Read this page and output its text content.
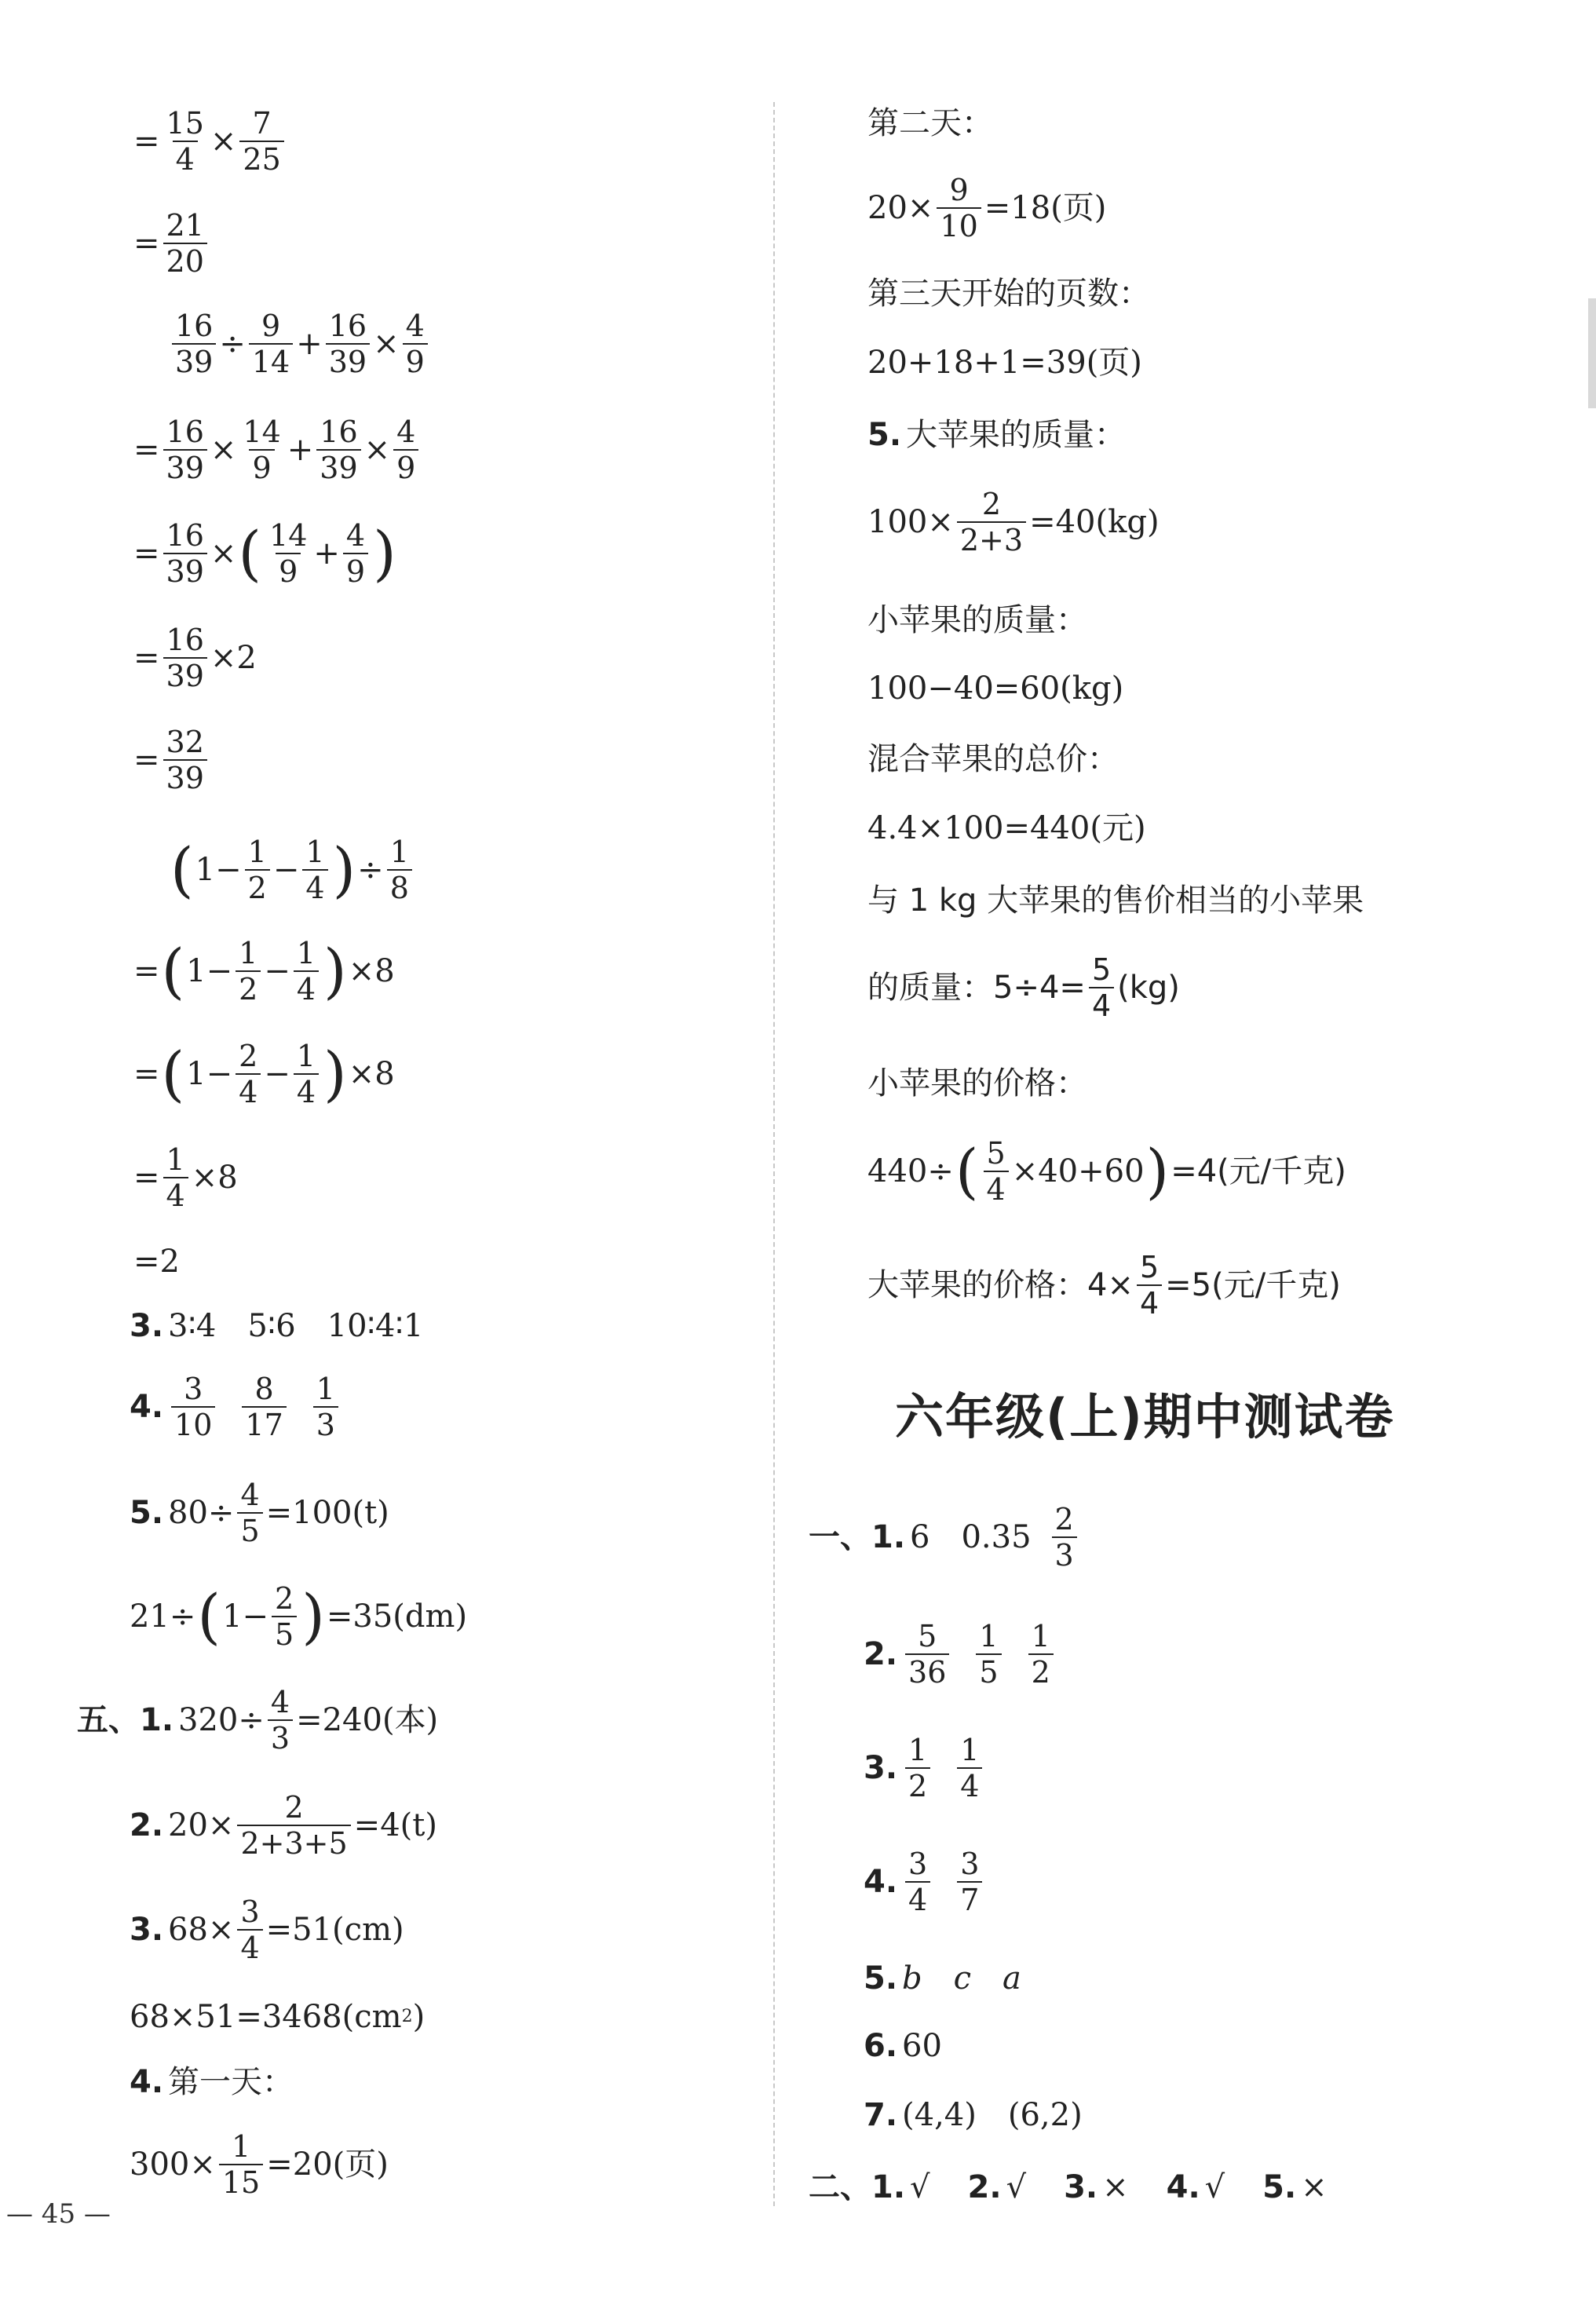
= $\frac{15}{4} \times \frac{7}{25}$
= $\frac{21}{20}$
$\frac{16}{39} \div \frac{9}{14} + \frac{16}{39} \times \frac{4}{9}$
= $\frac{16}{39} \times \frac{14}{9} + \frac{16}{39} \times \frac{4}{9}$
= $\frac{16}{39}$ × ( $\frac{14}{9} + \frac{4}{9}$ )
= $\frac{16}{39} \times 2$
= $\frac{32}{39}$
( $1- \frac{1}{2} - \frac{1}{4}$ ) ÷ $\frac{1}{8}$
= ( $1- \frac{1}{2} - \frac{1}{4}$ ) ×8
= ( $1- \frac{2}{4} - \frac{1}{4}$ ) ×8
= $\frac{1}{4} \times 8$
=2
3. 3∶4　5∶6　10∶4∶1
4. $\frac{3}{10} \frac{8}{17} \frac{1}{3}$
5. $80\div \frac{4}{5} =100(t)$
21÷ ( $1- \frac{2}{5}$ ) =35(dm)
五、1. $320\div \frac{4}{3} =240$(本)
2. $20\times \frac{2}{2+3+5} =4(t)$
3. $68\times \frac{3}{4} =51(cm)$
68×51=3468(cm 2 )
4. 第一天：
$300\times \frac{1}{15} =20$(页)
第二天：
$20\times \frac{9}{10} =18$(页)
第三天开始的页数：
20+18+1=39(页)
5. 大苹果的质量：
$100\times \frac{2}{2+3} =40(kg)$
小苹果的质量：
100−40=60(kg)
混合苹果的总价：
4.4×100=440(元)
与 1 kg 大苹果的售价相当的小苹果
的质量：$5\div 4= \frac{5}{4} (kg)$
小苹果的价格：
440÷ ( $\frac{5}{4} \times 40+60$ ) =4(元/千克)
大苹果的价格：$4\times \frac{5}{4} =5$(元/千克)
六年级(上)期中测试卷
一、1. 6　$0.35 \frac{2}{3}$
2. $\frac{5}{36} \frac{1}{5} \frac{1}{2}$
3. $\frac{1}{2} \frac{1}{4}$
4. $\frac{3}{4} \frac{3}{7}$
5. b c a
6. 60
7. (4,4)　(6,2)
二、1. √ 2. √ 3. × 4. √ 5. ×
— 45 —
